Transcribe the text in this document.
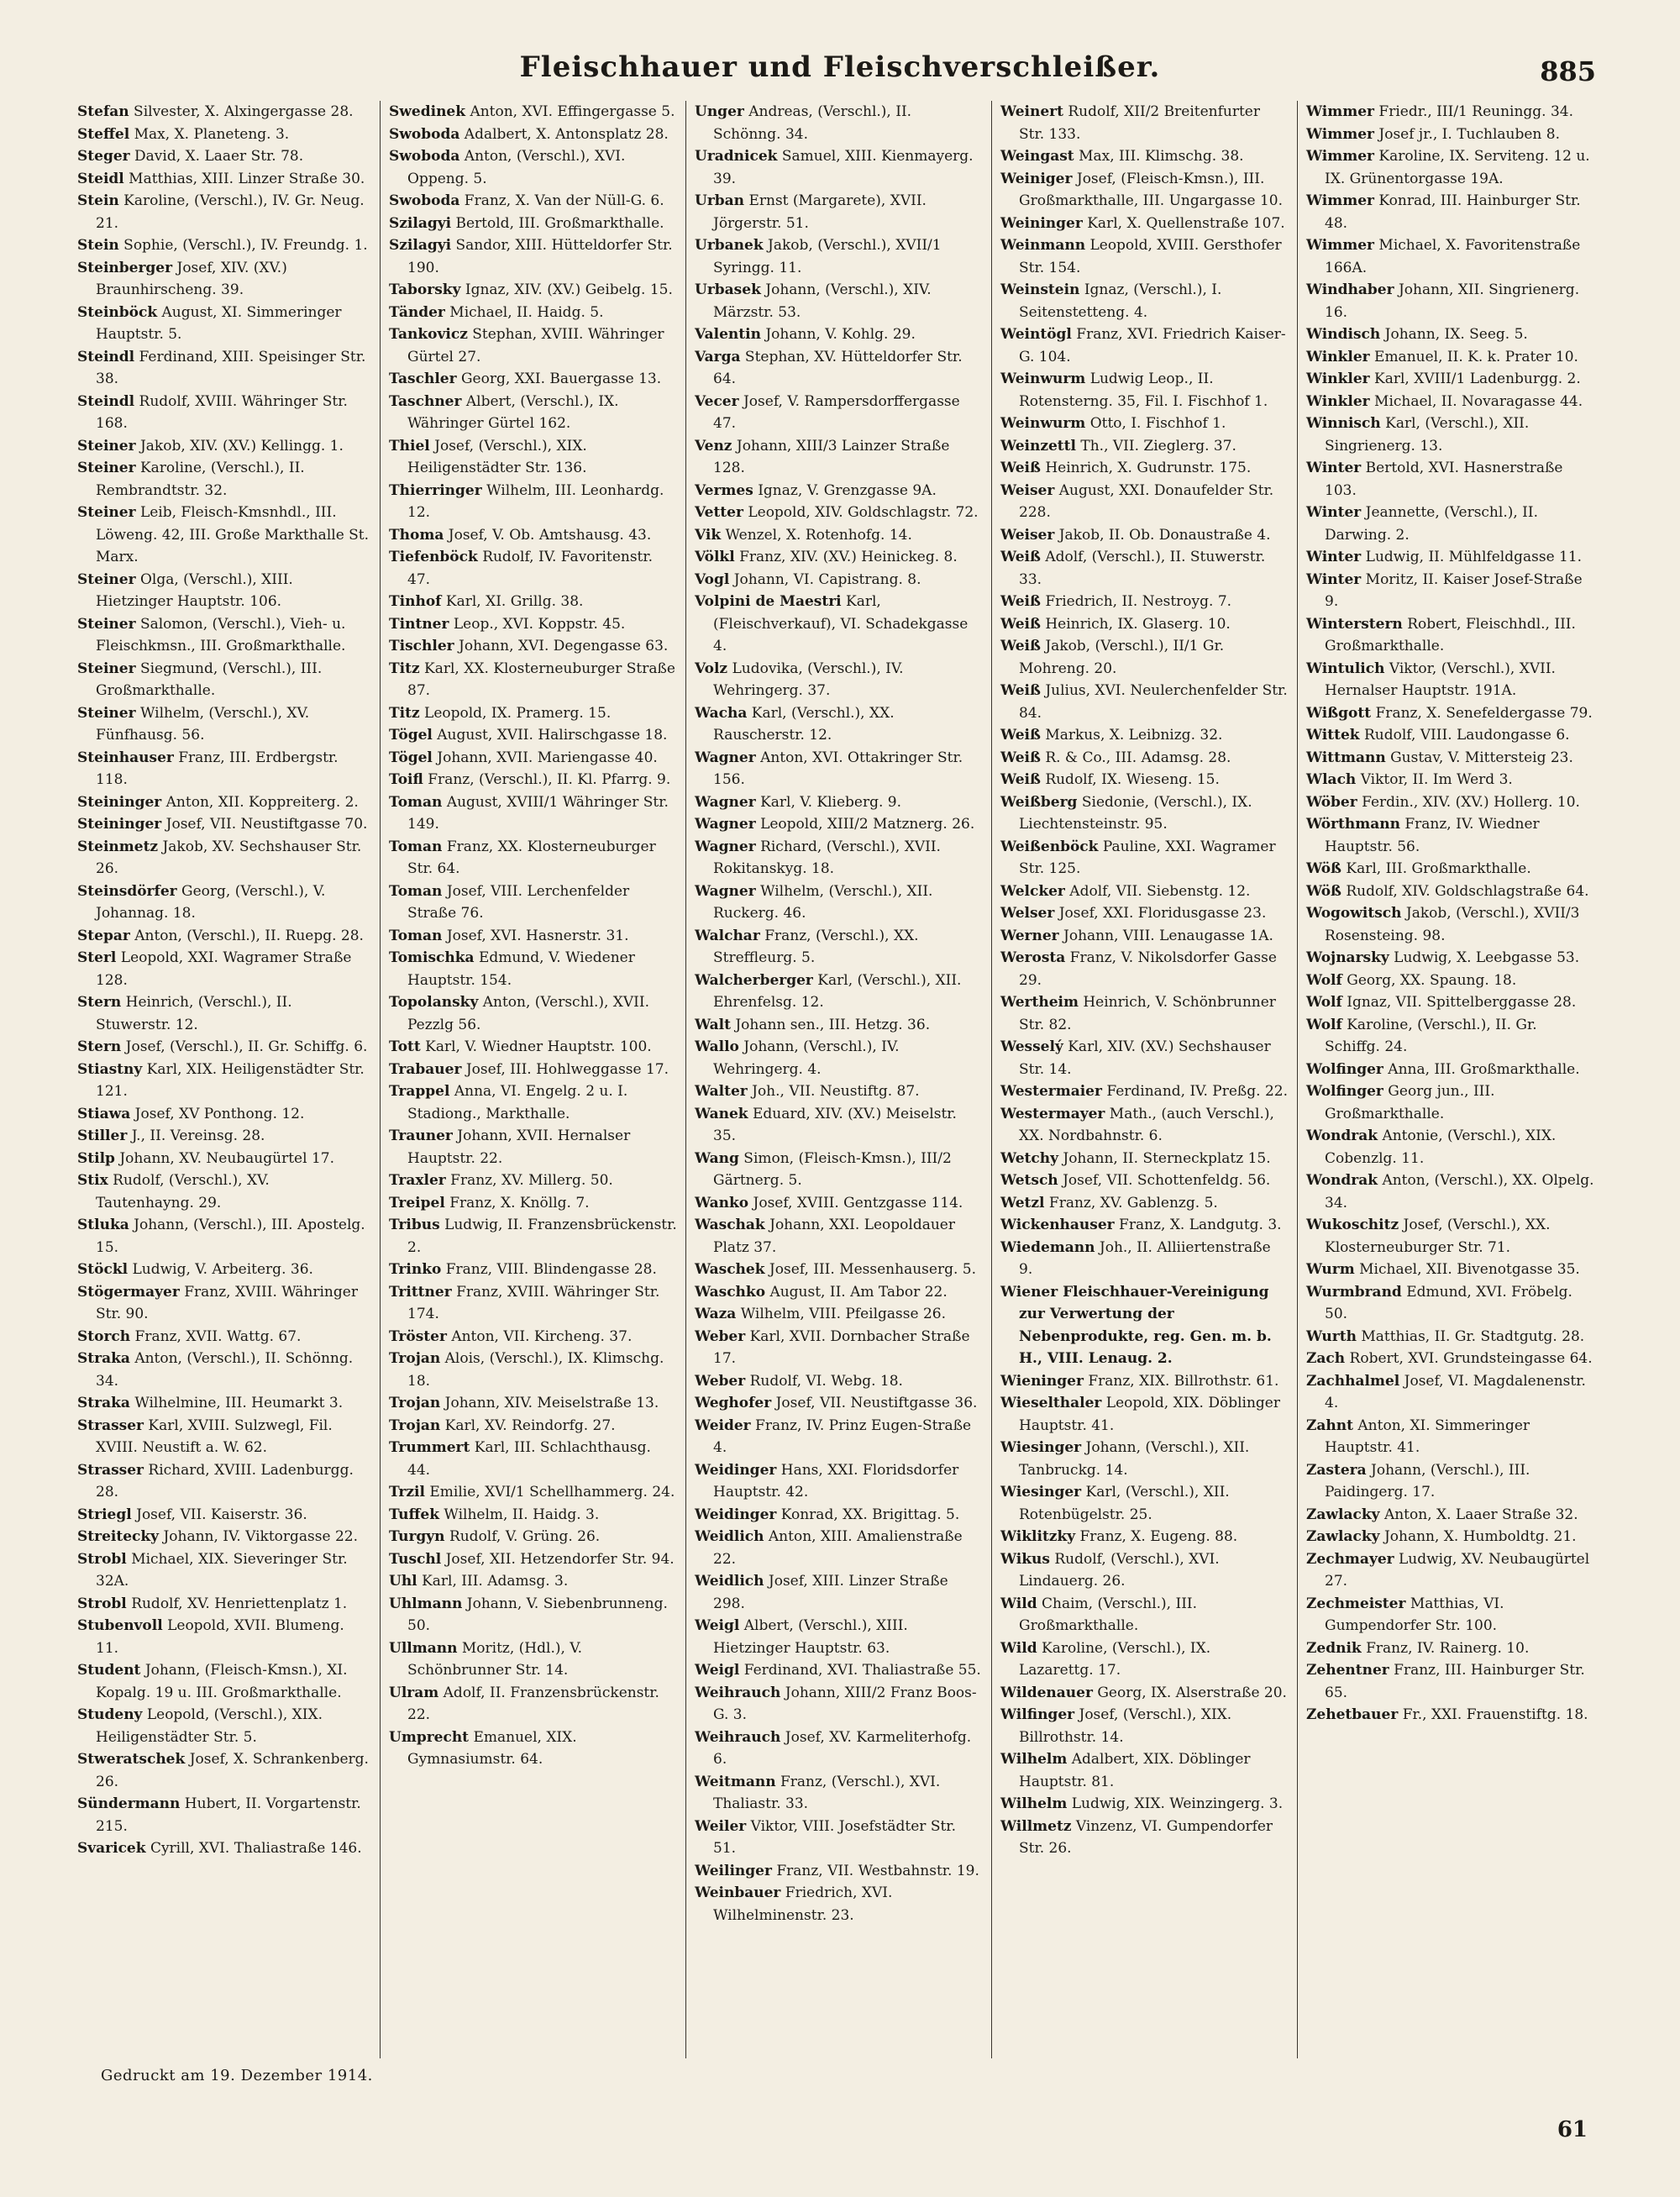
Fleischhauer und Fleischverschleißer.	885

Stefan Silvester, X. Alxingergasse 28.

Steffel Max, X. Planeteng. 3.

Steger David, X. Laaer Str. 78.

Steidl Matthias, XIII. Linzer Straße 30.

Stein Karoline, (Verschl.), IV. Gr. Neug. 21.

Stein Sophie, (Verschl.), IV. Freundg. 1.

Steinberger Josef, XIV. (XV.) Braunhirscheng. 39.

Steinböck August, XI. Simmeringer Hauptstr. 5.

Steindl Ferdinand, XIII. Speisinger Str. 38.

Steindl Rudolf, XVIII. Währinger Str. 168.

Steiner Jakob, XIV. (XV.) Kellingg. 1.

Steiner Karoline, (Verschl.), II. Rembrandtstr. 32.

Steiner Leib, Fleisch-Kmsnhdl., III. Löweng. 42, III. Große Markthalle St. Marx.

Steiner Olga, (Verschl.), XIII. Hietzinger Hauptstr. 106.

Steiner Salomon, (Verschl.), Vieh- u. Fleischkmsn., III. Großmarkthalle.

Steiner Siegmund, (Verschl.), III. Großmarkthalle.

Steiner Wilhelm, (Verschl.), XV. Fünfhausg. 56.

Steinhauser Franz, III. Erdbergstr. 118.

Steininger Anton, XII. Koppreiterg. 2.

Steininger Josef, VII. Neustiftgasse 70.

Steinmetz Jakob, XV. Sechshauser Str. 26.

Steinsdörfer Georg, (Verschl.), V. Johannag. 18.

Stepar Anton, (Verschl.), II. Ruepg. 28.

Sterl Leopold, XXI. Wagramer Straße 128.

Stern Heinrich, (Verschl.), II. Stuwerstr. 12.

Stern Josef, (Verschl.), II. Gr. Schiffg. 6.

Stiastny Karl, XIX. Heiligenstädter Str. 121.

Stiawa Josef, XV Ponthong. 12.

Stiller J., II. Vereinsg. 28.

Stilp Johann, XV. Neubaugürtel 17.

Stix Rudolf, (Verschl.), XV. Tautenhayng. 29.

Stluka Johann, (Verschl.), III. Apostelg. 15.

Stöckl Ludwig, V. Arbeiterg. 36.

Stögermayer Franz, XVIII. Währinger Str. 90.

Storch Franz, XVII. Wattg. 67.

Straka Anton, (Verschl.), II. Schönng. 34.

Straka Wilhelmine, III. Heumarkt 3.

Strasser Karl, XVIII. Sulzwegl, Fil. XVIII. Neustift a. W. 62.

Strasser Richard, XVIII. Ladenburgg. 28.

Striegl Josef, VII. Kaiserstr. 36.

Streitecky Johann, IV. Viktorgasse 22.

Strobl Michael, XIX. Sieveringer Str. 32A.

Strobl Rudolf, XV. Henriettenplatz 1.

Stubenvoll Leopold, XVII. Blumeng. 11.

Student Johann, (Fleisch-Kmsn.), XI. Kopalg. 19 u. III. Großmarkthalle.

Studeny Leopold, (Verschl.), XIX. Heiligenstädter Str. 5.

Stweratschek Josef, X. Schrankenberg. 26.

Sündermann Hubert, II. Vorgartenstr. 215.

Svaricek Cyrill, XVI. Thaliastraße 146.

Swedinek Anton, XVI. Effingergasse 5.

Swoboda Adalbert, X. Antonsplatz 28.

Swoboda Anton, (Verschl.), XVI. Oppeng. 5.

Swoboda Franz, X. Van der Nüll-G. 6.

Szilagyi Bertold, III. Großmarkthalle.

Szilagyi Sandor, XIII. Hütteldorfer Str. 190.

Taborsky Ignaz, XIV. (XV.) Geibelg. 15.

Tänder Michael, II. Haidg. 5.

Tankovicz Stephan, XVIII. Währinger Gürtel 27.

Taschler Georg, XXI. Bauergasse 13.

Taschner Albert, (Verschl.), IX. Währinger Gürtel 162.

Thiel Josef, (Verschl.), XIX. Heiligenstädter Str. 136.

Thierringer Wilhelm, III. Leonhardg. 12.

Thoma Josef, V. Ob. Amtshausg. 43.

Tiefenböck Rudolf, IV. Favoritenstr. 47.

Tinhof Karl, XI. Grillg. 38.

Tintner Leop., XVI. Koppstr. 45.

Tischler Johann, XVI. Degengasse 63.

Titz Karl, XX. Klosterneuburger Straße 87.

Titz Leopold, IX. Pramerg. 15.

Tögel August, XVII. Halirschgasse 18.

Tögel Johann, XVII. Mariengasse 40.

Toifl Franz, (Verschl.), II. Kl. Pfarrg. 9.

Toman August, XVIII/1 Währinger Str. 149.

Toman Franz, XX. Klosterneuburger Str. 64.

Toman Josef, VIII. Lerchenfelder Straße 76.

Toman Josef, XVI. Hasnerstr. 31.

Tomischka Edmund, V. Wiedener Hauptstr. 154.

Topolansky Anton, (Verschl.), XVII. Pezzlg 56.

Tott Karl, V. Wiedner Hauptstr. 100.

Trabauer Josef, III. Hohlweggasse 17.

Trappel Anna, VI. Engelg. 2 u. I. Stadiong., Markthalle.

Trauner Johann, XVII. Hernalser Hauptstr. 22.

Traxler Franz, XV. Millerg. 50.

Treipel Franz, X. Knöllg. 7.

Tribus Ludwig, II. Franzensbrückenstr. 2.

Trinko Franz, VIII. Blindengasse 28.

Trittner Franz, XVIII. Währinger Str. 174.

Tröster Anton, VII. Kircheng. 37.

Trojan Alois, (Verschl.), IX. Klimschg. 18.

Trojan Johann, XIV. Meiselstraße 13.

Trojan Karl, XV. Reindorfg. 27.

Trummert Karl, III. Schlachthausg. 44.

Trzil Emilie, XVI/1 Schellhammerg. 24.

Tuffek Wilhelm, II. Haidg. 3.

Turgyn Rudolf, V. Grüng. 26.

Tuschl Josef, XII. Hetzendorfer Str. 94.

Uhl Karl, III. Adamsg. 3.

Uhlmann Johann, V. Siebenbrunneng. 50.

Ullmann Moritz, (Hdl.), V. Schönbrunner Str. 14.

Ulram Adolf, II. Franzensbrückenstr. 22.

Umprecht Emanuel, XIX. Gymnasiumstr. 64.

Unger Andreas, (Verschl.), II. Schönng. 34.

Uradnicek Samuel, XIII. Kienmayerg. 39.

Urban Ernst (Margarete), XVII. Jörgerstr. 51.

Urbanek Jakob, (Verschl.), XVII/1 Syringg. 11.

Urbasek Johann, (Verschl.), XIV. Märzstr. 53.

Valentin Johann, V. Kohlg. 29.

Varga Stephan, XV. Hütteldorfer Str. 64.

Vecer Josef, V. Rampersdorffergasse 47.

Venz Johann, XIII/3 Lainzer Straße 128.

Vermes Ignaz, V. Grenzgasse 9A.

Vetter Leopold, XIV. Goldschlagstr. 72.

Vik Wenzel, X. Rotenhofg. 14.

Völkl Franz, XIV. (XV.) Heinickeg. 8.

Vogl Johann, VI. Capistrang. 8.

Volpini de Maestri Karl, (Fleischverkauf), VI. Schadekgasse 4.

Volz Ludovika, (Verschl.), IV. Wehringerg. 37.

Wacha Karl, (Verschl.), XX. Rauscherstr. 12.

Wagner Anton, XVI. Ottakringer Str. 156.

Wagner Karl, V. Klieberg. 9.

Wagner Leopold, XIII/2 Matznerg. 26.

Wagner Richard, (Verschl.), XVII. Rokitanskyg. 18.

Wagner Wilhelm, (Verschl.), XII. Ruckerg. 46.

Walchar Franz, (Verschl.), XX. Streffleurg. 5.

Walcherberger Karl, (Verschl.), XII. Ehrenfelsg. 12.

Walt Johann sen., III. Hetzg. 36.

Wallo Johann, (Verschl.), IV. Wehringerg. 4.

Walter Joh., VII. Neustiftg. 87.

Wanek Eduard, XIV. (XV.) Meiselstr. 35.

Wang Simon, (Fleisch-Kmsn.), III/2 Gärtnerg. 5.

Wanko Josef, XVIII. Gentzgasse 114.

Waschak Johann, XXI. Leopoldauer Platz 37.

Waschek Josef, III. Messenhauserg. 5.

Waschko August, II. Am Tabor 22.

Waza Wilhelm, VIII. Pfeilgasse 26.

Weber Karl, XVII. Dornbacher Straße 17.

Weber Rudolf, VI. Webg. 18.

Weghofer Josef, VII. Neustiftgasse 36.

Weider Franz, IV. Prinz Eugen-Straße 4.

Weidinger Hans, XXI. Floridsdorfer Hauptstr. 42.

Weidinger Konrad, XX. Brigittag. 5.

Weidlich Anton, XIII. Amalienstraße 22.

Weidlich Josef, XIII. Linzer Straße 298.

Weigl Albert, (Verschl.), XIII. Hietzinger Hauptstr. 63.

Weigl Ferdinand, XVI. Thaliastraße 55.

Weihrauch Johann, XIII/2 Franz Boos-G. 3.

Weihrauch Josef, XV. Karmeliterhofg. 6.

Weitmann Franz, (Verschl.), XVI. Thaliastr. 33.

Weiler Viktor, VIII. Josefstädter Str. 51.

Weilinger Franz, VII. Westbahnstr. 19.

Weinbauer Friedrich, XVI. Wilhelminenstr. 23.

Weinert Rudolf, XII/2 Breitenfurter Str. 133.

Weingast Max, III. Klimschg. 38.

Weiniger Josef, (Fleisch-Kmsn.), III. Großmarkthalle, III. Ungargasse 10.

Weininger Karl, X. Quellenstraße 107.

Weinmann Leopold, XVIII. Gersthofer Str. 154.

Weinstein Ignaz, (Verschl.), I. Seitenstetteng. 4.

Weintögl Franz, XVI. Friedrich Kaiser-G. 104.

Weinwurm Ludwig Leop., II. Rotensterng. 35, Fil. I. Fischhof 1.

Weinwurm Otto, I. Fischhof 1.

Weinzettl Th., VII. Zieglerg. 37.

Weiß Heinrich, X. Gudrunstr. 175.

Weiser August, XXI. Donaufelder Str. 228.

Weiser Jakob, II. Ob. Donaustraße 4.

Weiß Adolf, (Verschl.), II. Stuwerstr. 33.

Weiß Friedrich, II. Nestroyg. 7.

Weiß Heinrich, IX. Glaserg. 10.

Weiß Jakob, (Verschl.), II/1 Gr. Mohreng. 20.

Weiß Julius, XVI. Neulerchenfelder Str. 84.

Weiß Markus, X. Leibnizg. 32.

Weiß R. & Co., III. Adamsg. 28.

Weiß Rudolf, IX. Wieseng. 15.

Weißberg Siedonie, (Verschl.), IX. Liechtensteinstr. 95.

Weißenböck Pauline, XXI. Wagramer Str. 125.

Welcker Adolf, VII. Siebenstg. 12.

Welser Josef, XXI. Floridusgasse 23.

Werner Johann, VIII. Lenaugasse 1A.

Werosta Franz, V. Nikolsdorfer Gasse 29.

Wertheim Heinrich, V. Schönbrunner Str. 82.

Wesselý Karl, XIV. (XV.) Sechshauser Str. 14.

Westermaier Ferdinand, IV. Preßg. 22.

Westermayer Math., (auch Verschl.), XX. Nordbahnstr. 6.

Wetchy Johann, II. Sterneckplatz 15.

Wetsch Josef, VII. Schottenfeldg. 56.

Wetzl Franz, XV. Gablenzg. 5.

Wickenhauser Franz, X. Landgutg. 3.

Wiedemann Joh., II. Alliiertenstraße 9.

Wiener Fleischhauer-Vereinigung zur Verwertung der Nebenprodukte, reg. Gen. m. b. H., VIII. Lenaug. 2.

Wieninger Franz, XIX. Billrothstr. 61.

Wieselthaler Leopold, XIX. Döblinger Hauptstr. 41.

Wiesinger Johann, (Verschl.), XII. Tanbruckg. 14.

Wiesinger Karl, (Verschl.), XII. Rotenbügelstr. 25.

Wiklitzky Franz, X. Eugeng. 88.

Wikus Rudolf, (Verschl.), XVI. Lindauerg. 26.

Wild Chaim, (Verschl.), III. Großmarkthalle.

Wild Karoline, (Verschl.), IX. Lazarettg. 17.

Wildenauer Georg, IX. Alserstraße 20.

Wilfinger Josef, (Verschl.), XIX. Billrothstr. 14.

Wilhelm Adalbert, XIX. Döblinger Hauptstr. 81.

Wilhelm Ludwig, XIX. Weinzingerg. 3.

Willmetz Vinzenz, VI. Gumpendorfer Str. 26.

Wimmer Friedr., III/1 Reuningg. 34.

Wimmer Josef jr., I. Tuchlauben 8.

Wimmer Karoline, IX. Serviteng. 12 u. IX. Grünentorgasse 19A.

Wimmer Konrad, III. Hainburger Str. 48.

Wimmer Michael, X. Favoritenstraße 166A.

Windhaber Johann, XII. Singrienerg. 16.

Windisch Johann, IX. Seeg. 5.

Winkler Emanuel, II. K. k. Prater 10.

Winkler Karl, XVIII/1 Ladenburgg. 2.

Winkler Michael, II. Novaragasse 44.

Winnisch Karl, (Verschl.), XII. Singrienerg. 13.

Winter Bertold, XVI. Hasnerstraße 103.

Winter Jeannette, (Verschl.), II. Darwing. 2.

Winter Ludwig, II. Mühlfeldgasse 11.

Winter Moritz, II. Kaiser Josef-Straße 9.

Winterstern Robert, Fleischhdl., III. Großmarkthalle.

Wintulich Viktor, (Verschl.), XVII. Hernalser Hauptstr. 191A.

Wißgott Franz, X. Senefeldergasse 79.

Wittek Rudolf, VIII. Laudongasse 6.

Wittmann Gustav, V. Mittersteig 23.

Wlach Viktor, II. Im Werd 3.

Wöber Ferdin., XIV. (XV.) Hollerg. 10.

Wörthmann Franz, IV. Wiedner Hauptstr. 56.

Wöß Karl, III. Großmarkthalle.

Wöß Rudolf, XIV. Goldschlagstraße 64.

Wogowitsch Jakob, (Verschl.), XVII/3 Rosensteing. 98.

Wojnarsky Ludwig, X. Leebgasse 53.

Wolf Georg, XX. Spaung. 18.

Wolf Ignaz, VII. Spittelberggasse 28.

Wolf Karoline, (Verschl.), II. Gr. Schiffg. 24.

Wolfinger Anna, III. Großmarkthalle.

Wolfinger Georg jun., III. Großmarkthalle.

Wondrak Antonie, (Verschl.), XIX. Cobenzlg. 11.

Wondrak Anton, (Verschl.), XX. Olpelg. 34.

Wukoschitz Josef, (Verschl.), XX. Klosterneuburger Str. 71.

Wurm Michael, XII. Bivenotgasse 35.

Wurmbrand Edmund, XVI. Fröbelg. 50.

Wurth Matthias, II. Gr. Stadtgutg. 28.

Zach Robert, XVI. Grundsteingasse 64.

Zachhalmel Josef, VI. Magdalenenstr. 4.

Zahnt Anton, XI. Simmeringer Hauptstr. 41.

Zastera Johann, (Verschl.), III. Paidingerg. 17.

Zawlacky Anton, X. Laaer Straße 32.

Zawlacky Johann, X. Humboldtg. 21.

Zechmayer Ludwig, XV. Neubaugürtel 27.

Zechmeister Matthias, VI. Gumpendorfer Str. 100.

Zednik Franz, IV. Rainerg. 10.

Zehentner Franz, III. Hainburger Str. 65.

Zehetbauer Fr., XXI. Frauenstiftg. 18.

Gedruckt am 19. Dezember 1914.
61
